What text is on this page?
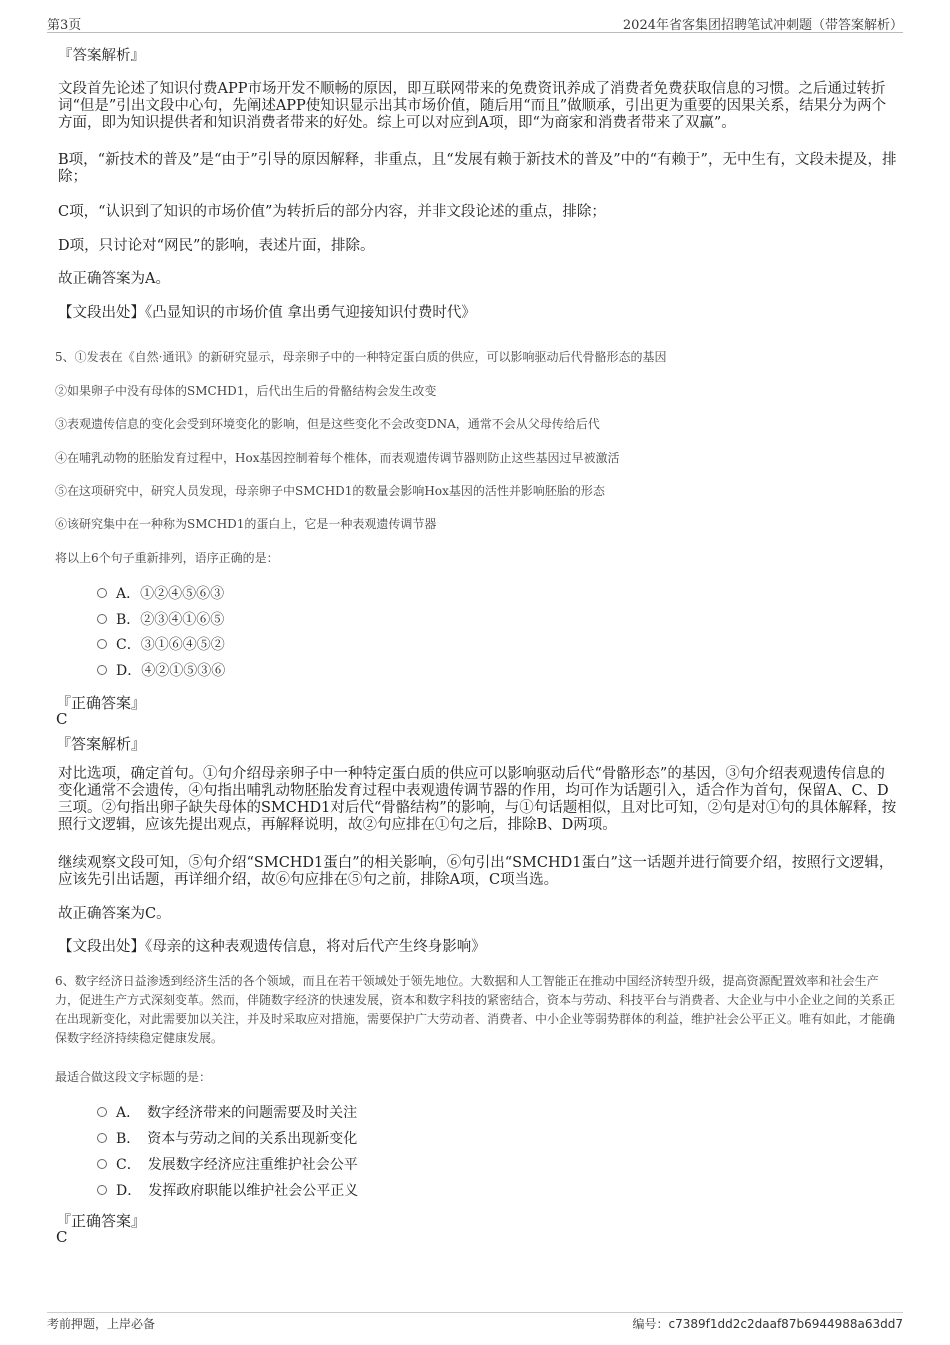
第3页	2024年省客集团招聘笔试冲刺题（带答案解析）
『答案解析』
文段首先论述了知识付费APP市场开发不顺畅的原因，即互联网带来的免费资讯养成了消费者免费获取信息的习惯。之后通过转折词“但是”引出文段中心句，先阐述APP使知识显示出其市场价值，随后用“而且”做顺承，引出更为重要的因果关系，结果分为两个方面，即为知识提供者和知识消费者带来的好处。综上可以对应到A项，即“为商家和消费者带来了双赢”。
B项，“新技术的普及”是“由于”引导的原因解释，非重点，且“发展有赖于新技术的普及”中的“有赖于”，无中生有，文段未提及，排除；
C项，“认识到了知识的市场价值”为转折后的部分内容，并非文段论述的重点，排除；
D项，只讨论对“网民”的影响，表述片面，排除。
故正确答案为A。
【文段出处】《凸显知识的市场价值 拿出勇气迎接知识付费时代》
5、①发表在《自然·通讯》的新研究显示，母亲卵子中的一种特定蛋白质的供应，可以影响驱动后代骨骼形态的基因
②如果卵子中没有母体的SMCHD1，后代出生后的骨骼结构会发生改变
③表观遗传信息的变化会受到环境变化的影响，但是这些变化不会改变DNA，通常不会从父母传给后代
④在哺乳动物的胚胎发育过程中，Hox基因控制着每个椎体，而表观遗传调节器则防止这些基因过早被激活
⑤在这项研究中，研究人员发现，母亲卵子中SMCHD1的数量会影响Hox基因的活性并影响胚胎的形态
⑥该研究集中在一种称为SMCHD1的蛋白上，它是一种表观遗传调节器
将以上6个句子重新排列，语序正确的是：
A．①②④⑤⑥③
B．②③④①⑥⑤
C．③①⑥④⑤②
D．④②①⑤③⑥
『正确答案』
C
『答案解析』
对比选项，确定首句。①句介绍母亲卵子中一种特定蛋白质的供应可以影响驱动后代“骨骼形态”的基因，③句介绍表观遗传信息的变化通常不会遗传，④句指出哺乳动物胚胎发育过程中表观遗传调节器的作用，均可作为话题引入，适合作为首句，保留A、C、D三项。②句指出卵子缺失母体的SMCHD1对后代“骨骼结构”的影响，与①句话题相似，且对比可知，②句是对①句的具体解释，按照行文逻辑，应该先提出观点，再解释说明，故②句应排在①句之后，排除B、D两项。
继续观察文段可知，⑤句介绍“SMCHD1蛋白”的相关影响，⑥句引出“SMCHD1蛋白”这一话题并进行简要介绍，按照行文逻辑，应该先引出话题，再详细介绍，故⑥句应排在⑤句之前，排除A项，C项当选。
故正确答案为C。
【文段出处】《母亲的这种表观遗传信息，将对后代产生终身影响》
6、数字经济日益渗透到经济生活的各个领域，而且在若干领域处于领先地位。大数据和人工智能正在推动中国经济转型升级，提高资源配置效率和社会生产力，促进生产方式深刻变革。然而，伴随数字经济的快速发展，资本和数字科技的紧密结合，资本与劳动、科技平台与消费者、大企业与中小企业之间的关系正在出现新变化，对此需要加以关注，并及时采取应对措施，需要保护广大劳动者、消费者、中小企业等弱势群体的利益，维护社会公平正义。唯有如此，才能确保数字经济持续稳定健康发展。
最适合做这段文字标题的是：
A．　数字经济带来的问题需要及时关注
B．　资本与劳动之间的关系出现新变化
C．　发展数字经济应注重维护社会公平
D．　发挥政府职能以维护社会公平正义
『正确答案』
C
考前押题，上岸必备	编号：c7389f1dd2c2daaf87b6944988a63dd7
